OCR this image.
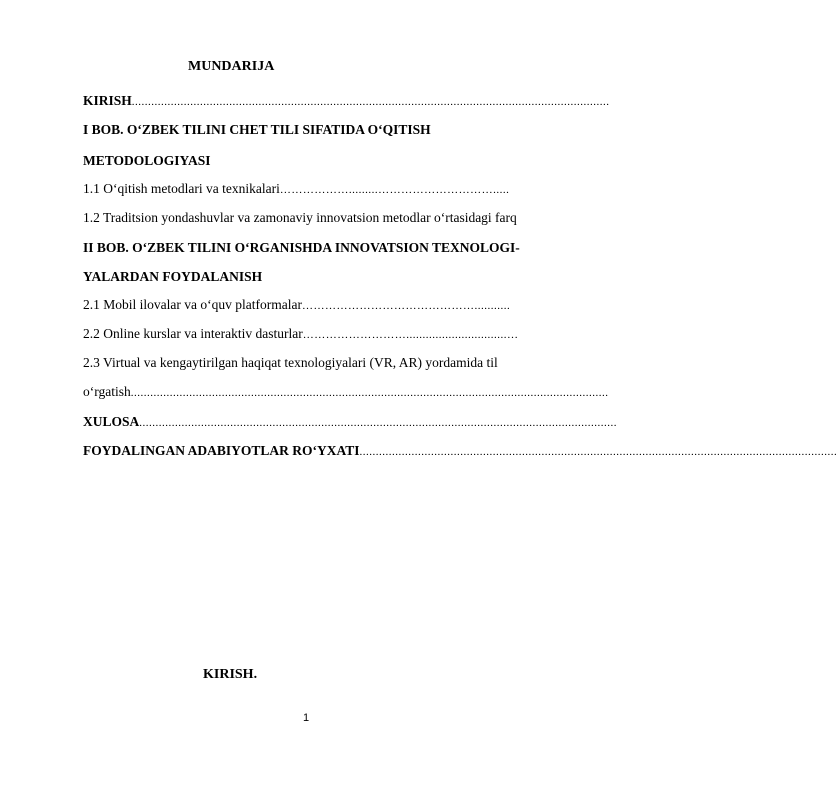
MUNDARIJA
KIRISH ...................................................................................................................................................
I BOB. O‘ZBEK TILINI CHET TILI SIFATIDA O‘QITISH
METODOLOGIYASI
1.1 O‘qitish metodlari va texnikalari ……………….........………………………….....
1.2 Traditsion yondashuvlar va zamonaviy innovatsion metodlar o‘rtasidagi farq
II BOB. O‘ZBEK TILINI O‘RGANISHDA INNOVATSION TEXNOLOGI-
YALARDAN FOYDALANISH
2.1 Mobil ilovalar va o‘quv platformalar ………………………………………...........
2.2 Online kurslar va interaktiv dasturlar ………………………...............................…
2.3 Virtual va kengaytirilgan haqiqat texnologiyalari (VR, AR) yordamida til
o‘rgatish ...................................................................................................................................................
XULOSA ...................................................................................................................................................
FOYDALINGAN ADABIYOTLAR RO‘YXATI ...................................................................................................................................................
KIRISH.
1
